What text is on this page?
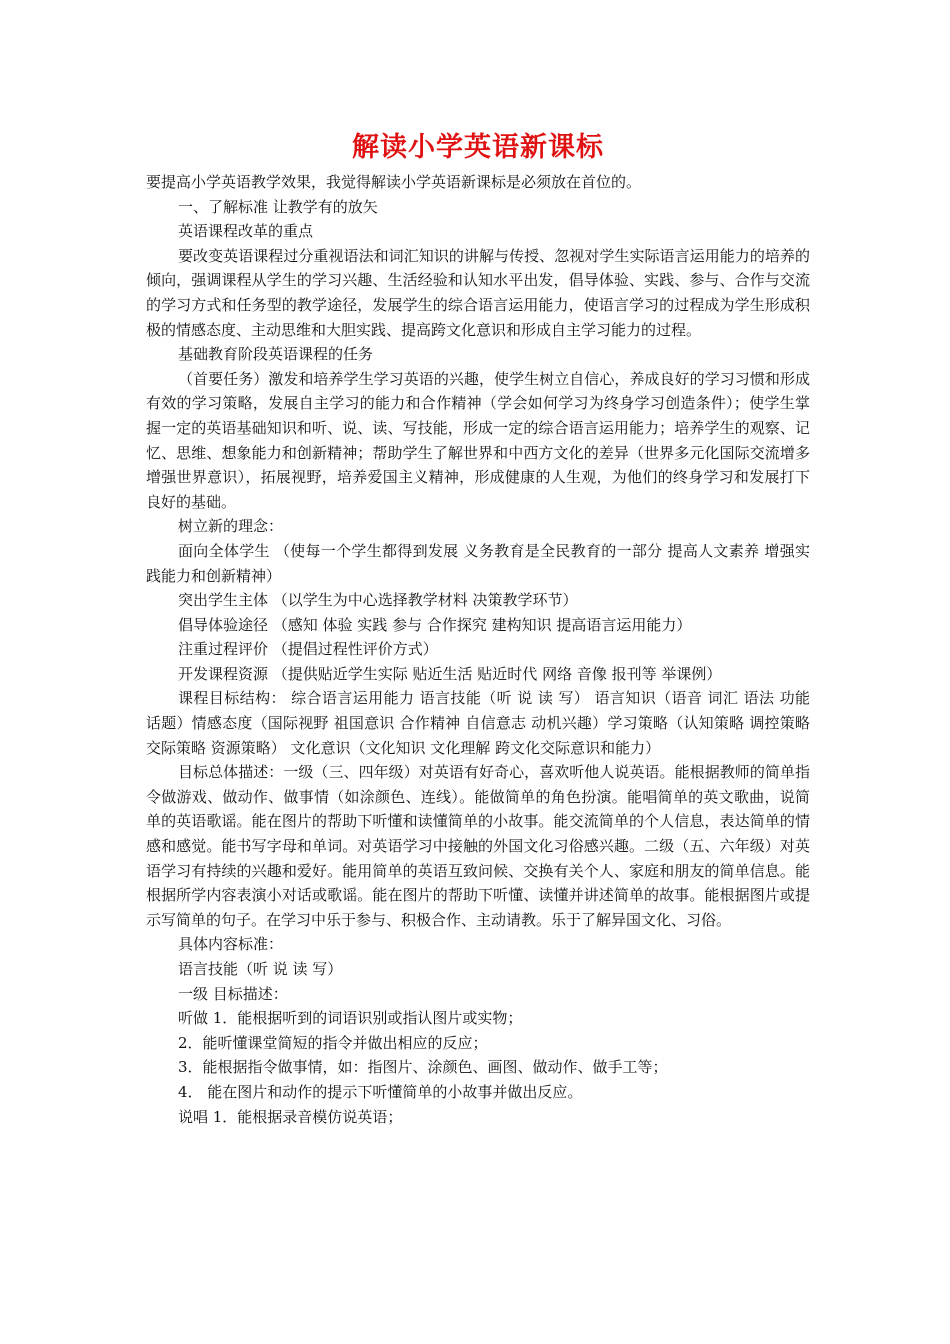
解读小学英语新课标

要提高小学英语教学效果，我觉得解读小学英语新课标是必须放在首位的。

一、了解标准 让教学有的放矢

英语课程改革的重点

要改变英语课程过分重视语法和词汇知识的讲解与传授、忽视对学生实际语言运用能力的培养的倾向，强调课程从学生的学习兴趣、生活经验和认知水平出发，倡导体验、实践、参与、合作与交流的学习方式和任务型的教学途径，发展学生的综合语言运用能力，使语言学习的过程成为学生形成积极的情感态度、主动思维和大胆实践、提高跨文化意识和形成自主学习能力的过程。

基础教育阶段英语课程的任务

（首要任务）激发和培养学生学习英语的兴趣，使学生树立自信心，养成良好的学习习惯和形成有效的学习策略，发展自主学习的能力和合作精神（学会如何学习为终身学习创造条件）；使学生掌握一定的英语基础知识和听、说、读、写技能，形成一定的综合语言运用能力；培养学生的观察、记忆、思维、想象能力和创新精神；帮助学生了解世界和中西方文化的差异（世界多元化国际交流增多 增强世界意识），拓展视野，培养爱国主义精神，形成健康的人生观，为他们的终身学习和发展打下良好的基础。

树立新的理念：

面向全体学生 （使每一个学生都得到发展 义务教育是全民教育的一部分 提高人文素养 增强实践能力和创新精神）

突出学生主体 （以学生为中心选择教学材料 决策教学环节）

倡导体验途径 （感知 体验 实践 参与 合作探究 建构知识 提高语言运用能力）

注重过程评价 （提倡过程性评价方式）

开发课程资源 （提供贴近学生实际 贴近生活 贴近时代 网络 音像 报刊等 举课例）

课程目标结构： 综合语言运用能力 语言技能（听 说 读 写） 语言知识（语音 词汇 语法 功能 话题）情感态度（国际视野 祖国意识 合作精神 自信意志 动机兴趣）学习策略（认知策略 调控策略 交际策略 资源策略） 文化意识（文化知识 文化理解 跨文化交际意识和能力）

目标总体描述：一级（三、四年级）对英语有好奇心，喜欢听他人说英语。能根据教师的简单指令做游戏、做动作、做事情（如涂颜色、连线）。能做简单的角色扮演。能唱简单的英文歌曲，说简单的英语歌谣。能在图片的帮助下听懂和读懂简单的小故事。能交流简单的个人信息，表达简单的情感和感觉。能书写字母和单词。对英语学习中接触的外国文化习俗感兴趣。二级（五、六年级）对英语学习有持续的兴趣和爱好。能用简单的英语互致问候、交换有关个人、家庭和朋友的简单信息。能根据所学内容表演小对话或歌谣。能在图片的帮助下听懂、读懂并讲述简单的故事。能根据图片或提示写简单的句子。在学习中乐于参与、积极合作、主动请教。乐于了解异国文化、习俗。

具体内容标准：

语言技能（听 说 读 写）

一级 目标描述：

听做 1．能根据听到的词语识别或指认图片或实物；

2．能听懂课堂简短的指令并做出相应的反应；

3．能根据指令做事情，如：指图片、涂颜色、画图、做动作、做手工等；

4． 能在图片和动作的提示下听懂简单的小故事并做出反应。

说唱 1．能根据录音模仿说英语；
